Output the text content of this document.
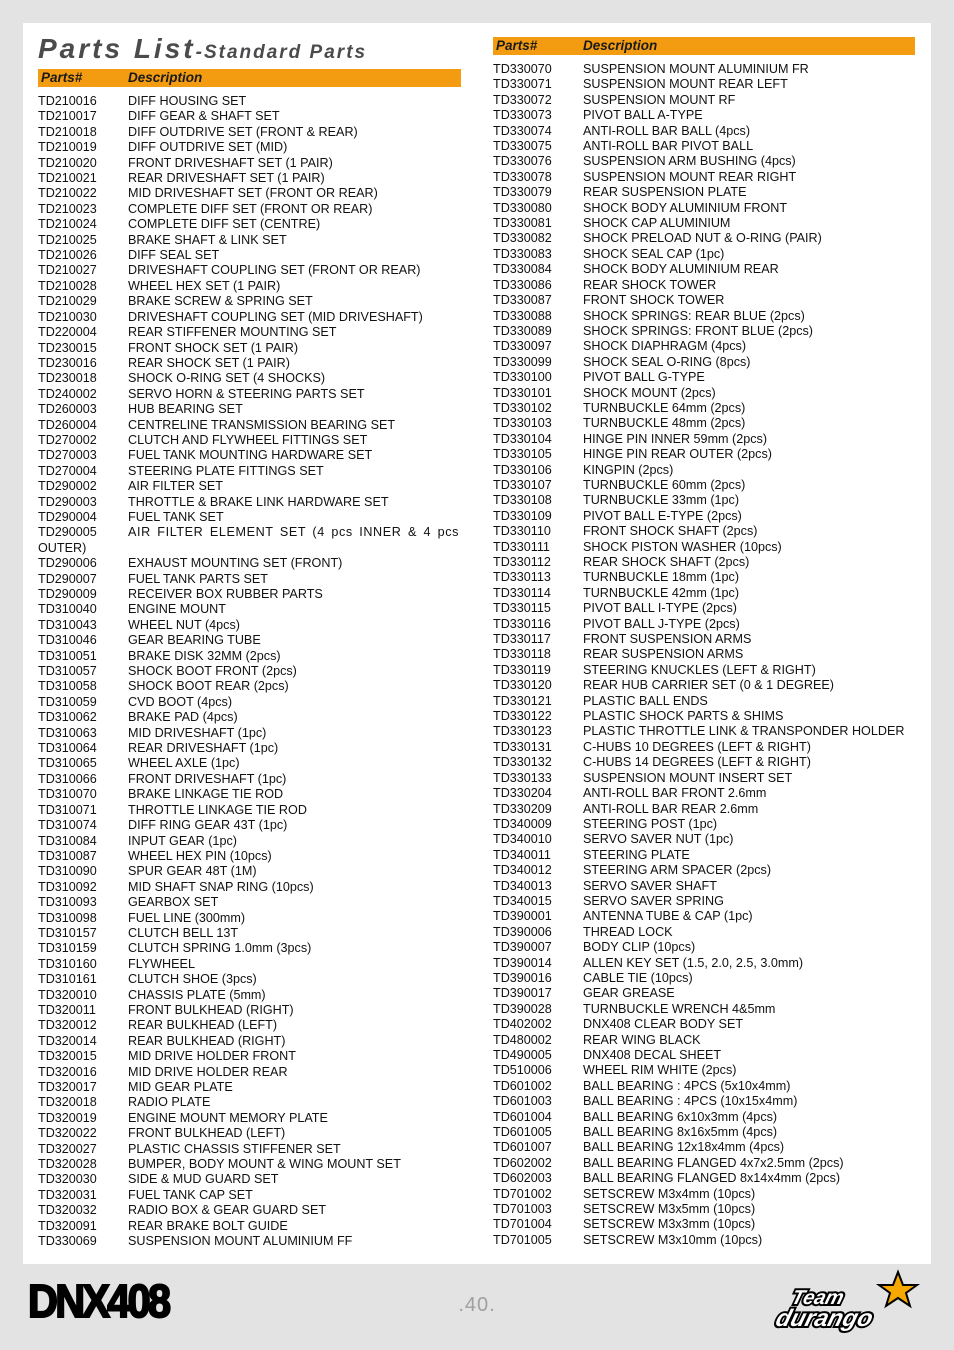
Parts List-Standard Parts
Parts#	Description
TD210016 DIFF HOUSING SET
TD210017 DIFF GEAR & SHAFT SET
TD210018 DIFF OUTDRIVE SET (FRONT & REAR)
TD210019 DIFF OUTDRIVE SET (MID)
TD210020 FRONT DRIVESHAFT SET (1 PAIR)
TD210021 REAR DRIVESHAFT SET (1 PAIR)
TD210022 MID DRIVESHAFT SET (FRONT OR REAR)
TD210023 COMPLETE DIFF SET (FRONT OR REAR)
TD210024 COMPLETE DIFF SET (CENTRE)
TD210025 BRAKE SHAFT & LINK SET
TD210026 DIFF SEAL SET
TD210027 DRIVESHAFT COUPLING SET (FRONT OR REAR)
TD210028 WHEEL HEX SET (1 PAIR)
TD210029 BRAKE SCREW & SPRING SET
TD210030 DRIVESHAFT COUPLING SET (MID DRIVESHAFT)
TD220004 REAR STIFFENER MOUNTING SET
TD230015 FRONT SHOCK SET (1 PAIR)
TD230016 REAR SHOCK SET (1 PAIR)
TD230018 SHOCK O-RING SET (4 SHOCKS)
TD240002 SERVO HORN & STEERING PARTS SET
TD260003 HUB BEARING SET
TD260004 CENTRELINE TRANSMISSION BEARING SET
TD270002 CLUTCH AND FLYWHEEL FITTINGS SET
TD270003 FUEL TANK MOUNTING HARDWARE SET
TD270004 STEERING PLATE FITTINGS SET
TD290002 AIR FILTER SET
TD290003 THROTTLE & BRAKE LINK HARDWARE SET
TD290004 FUEL TANK SET
TD290005 AIR FILTER ELEMENT SET (4 pcs INNER & 4 pcs
OUTER)
TD290006 EXHAUST MOUNTING SET (FRONT)
TD290007 FUEL TANK PARTS SET
TD290009 RECEIVER BOX RUBBER PARTS
TD310040 ENGINE MOUNT
TD310043 WHEEL NUT (4pcs)
TD310046 GEAR BEARING TUBE
TD310051 BRAKE DISK 32MM (2pcs)
TD310057 SHOCK BOOT FRONT (2pcs)
TD310058 SHOCK BOOT REAR (2pcs)
TD310059 CVD BOOT (4pcs)
TD310062 BRAKE PAD (4pcs)
TD310063 MID DRIVESHAFT (1pc)
TD310064 REAR DRIVESHAFT (1pc)
TD310065 WHEEL AXLE (1pc)
TD310066 FRONT DRIVESHAFT (1pc)
TD310070 BRAKE LINKAGE TIE ROD
TD310071 THROTTLE LINKAGE TIE ROD
TD310074 DIFF RING GEAR 43T (1pc)
TD310084 INPUT GEAR (1pc)
TD310087 WHEEL HEX PIN (10pcs)
TD310090 SPUR GEAR 48T (1M)
TD310092 MID SHAFT SNAP RING (10pcs)
TD310093 GEARBOX SET
TD310098 FUEL LINE (300mm)
TD310157 CLUTCH BELL 13T
TD310159 CLUTCH SPRING 1.0mm (3pcs)
TD310160 FLYWHEEL
TD310161 CLUTCH SHOE (3pcs)
TD320010 CHASSIS PLATE (5mm)
TD320011	FRONT BULKHEAD (RIGHT)
TD320012 REAR BULKHEAD (LEFT)
TD320014 REAR BULKHEAD (RIGHT)
TD320015 MID DRIVE HOLDER FRONT
TD320016 MID DRIVE HOLDER REAR
TD320017 MID GEAR PLATE
TD320018 RADIO PLATE
TD320019 ENGINE MOUNT MEMORY PLATE
TD320022 FRONT BULKHEAD (LEFT)
TD320027 PLASTIC CHASSIS STIFFENER SET
TD320028 BUMPER, BODY MOUNT & WING MOUNT SET
TD320030 SIDE & MUD GUARD SET
TD320031 FUEL TANK CAP SET
TD320032 RADIO BOX & GEAR GUARD SET
TD320091 REAR BRAKE BOLT GUIDE
TD330069 SUSPENSION MOUNT ALUMINIUM FF
Parts#	Description
TD330070 SUSPENSION MOUNT ALUMINIUM FR
TD330071 SUSPENSION MOUNT REAR LEFT
TD330072 SUSPENSION MOUNT RF
TD330073 PIVOT BALL A-TYPE
TD330074 ANTI-ROLL BAR BALL (4pcs)
TD330075 ANTI-ROLL BAR PIVOT BALL
TD330076 SUSPENSION ARM BUSHING (4pcs)
TD330078 SUSPENSION MOUNT REAR RIGHT
TD330079 REAR SUSPENSION PLATE
TD330080 SHOCK BODY ALUMINIUM FRONT
TD330081 SHOCK CAP ALUMINIUM
TD330082 SHOCK PRELOAD NUT & O-RING (PAIR)
TD330083 SHOCK SEAL CAP (1pc)
TD330084 SHOCK BODY ALUMINIUM REAR
TD330086 REAR SHOCK TOWER
TD330087 FRONT SHOCK TOWER
TD330088 SHOCK SPRINGS: REAR BLUE (2pcs)
TD330089 SHOCK SPRINGS: FRONT BLUE (2pcs)
TD330097 SHOCK DIAPHRAGM (4pcs)
TD330099 SHOCK SEAL O-RING (8pcs)
TD330100 PIVOT BALL G-TYPE
TD330101 SHOCK MOUNT (2pcs)
TD330102 TURNBUCKLE 64mm (2pcs)
TD330103 TURNBUCKLE 48mm (2pcs)
TD330104 HINGE PIN INNER 59mm (2pcs)
TD330105 HINGE PIN REAR OUTER (2pcs)
TD330106 KINGPIN (2pcs)
TD330107 TURNBUCKLE 60mm (2pcs)
TD330108 TURNBUCKLE 33mm (1pc)
TD330109 PIVOT BALL E-TYPE (2pcs)
TD330110	FRONT SHOCK SHAFT (2pcs)
TD330111	SHOCK PISTON WASHER (10pcs)
TD330112	REAR SHOCK SHAFT (2pcs)
TD330113	TURNBUCKLE 18mm (1pc)
TD330114	TURNBUCKLE 42mm (1pc)
TD330115	PIVOT BALL I-TYPE (2pcs)
TD330116	PIVOT BALL J-TYPE (2pcs)
TD330117	FRONT SUSPENSION ARMS
TD330118	REAR SUSPENSION ARMS
TD330119	STEERING KNUCKLES (LEFT & RIGHT)
TD330120 REAR HUB CARRIER SET (0 & 1 DEGREE)
TD330121 PLASTIC BALL ENDS
TD330122 PLASTIC SHOCK PARTS & SHIMS
TD330123 PLASTIC THROTTLE LINK & TRANSPONDER HOLDER
TD330131 C-HUBS 10 DEGREES (LEFT & RIGHT)
TD330132 C-HUBS 14 DEGREES (LEFT & RIGHT)
TD330133 SUSPENSION MOUNT INSERT SET
TD330204 ANTI-ROLL BAR FRONT 2.6mm
TD330209 ANTI-ROLL BAR REAR 2.6mm
TD340009 STEERING POST (1pc)
TD340010 SERVO SAVER NUT (1pc)
TD340011	STEERING PLATE
TD340012 STEERING ARM SPACER (2pcs)
TD340013 SERVO SAVER SHAFT
TD340015 SERVO SAVER SPRING
TD390001 ANTENNA TUBE & CAP (1pc)
TD390006 THREAD LOCK
TD390007 BODY CLIP (10pcs)
TD390014 ALLEN KEY SET (1.5, 2.0, 2.5, 3.0mm)
TD390016 CABLE TIE (10pcs)
TD390017 GEAR GREASE
TD390028 TURNBUCKLE WRENCH 4&5mm
TD402002 DNX408 CLEAR BODY SET
TD480002 REAR WING BLACK
TD490005 DNX408 DECAL SHEET
TD510006 WHEEL RIM WHITE (2pcs)
TD601002 BALL BEARING : 4PCS (5x10x4mm)
TD601003 BALL BEARING : 4PCS (10x15x4mm)
TD601004 BALL BEARING 6x10x3mm (4pcs)
TD601005 BALL BEARING 8x16x5mm (4pcs)
TD601007 BALL BEARING 12x18x4mm (4pcs)
TD602002 BALL BEARING FLANGED 4x7x2.5mm (2pcs)
TD602003 BALL BEARING FLANGED 8x14x4mm (2pcs)
TD701002 SETSCREW M3x4mm (10pcs)
TD701003 SETSCREW M3x5mm (10pcs)
TD701004 SETSCREW M3x3mm (10pcs)
TD701005 SETSCREW M3x10mm (10pcs)
DNX408	.40.	Team
durango
